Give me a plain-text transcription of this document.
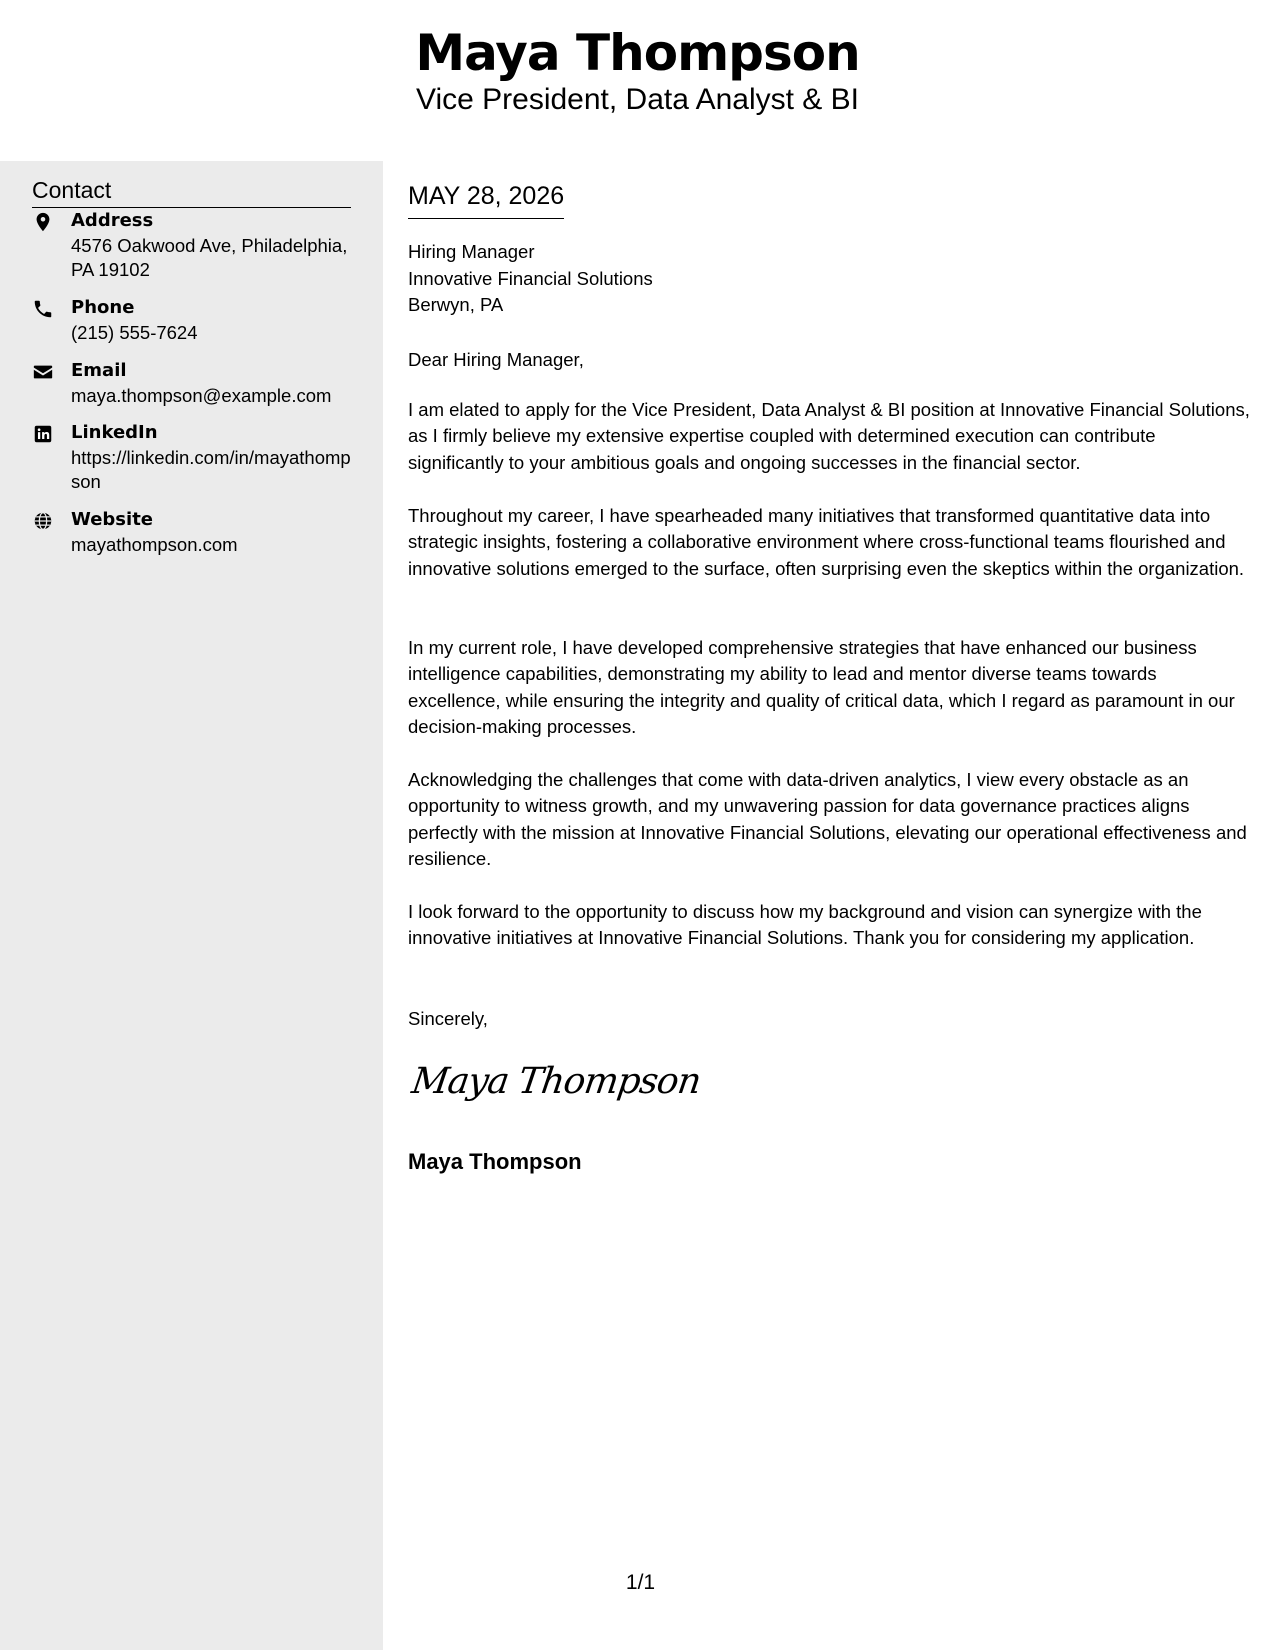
Maya Thompson
Vice President, Data Analyst & BI
Contact
Address
4576 Oakwood Ave, Philadelphia, PA 19102
Phone
(215) 555-7624
Email
maya.thompson@example.com
LinkedIn
https://linkedin.com/in/mayathompson
Website
mayathompson.com
MAY 28, 2026
Hiring Manager
Innovative Financial Solutions
Berwyn, PA
Dear Hiring Manager,

I am elated to apply for the Vice President, Data Analyst & BI position at Innovative Financial Solutions, as I firmly believe my extensive expertise coupled with determined execution can contribute significantly to your ambitious goals and ongoing successes in the financial sector.

Throughout my career, I have spearheaded many initiatives that transformed quantitative data into strategic insights, fostering a collaborative environment where cross-functional teams flourished and innovative solutions emerged to the surface, often surprising even the skeptics within the organization.

In my current role, I have developed comprehensive strategies that have enhanced our business intelligence capabilities, demonstrating my ability to lead and mentor diverse teams towards excellence, while ensuring the integrity and quality of critical data, which I regard as paramount in our decision-making processes.

Acknowledging the challenges that come with data-driven analytics, I view every obstacle as an opportunity to witness growth, and my unwavering passion for data governance practices aligns perfectly with the mission at Innovative Financial Solutions, elevating our operational effectiveness and resilience.

I look forward to the opportunity to discuss how my background and vision can synergize with the innovative initiatives at Innovative Financial Solutions. Thank you for considering my application.

Sincerely,
Maya Thompson
Maya Thompson
1/1
